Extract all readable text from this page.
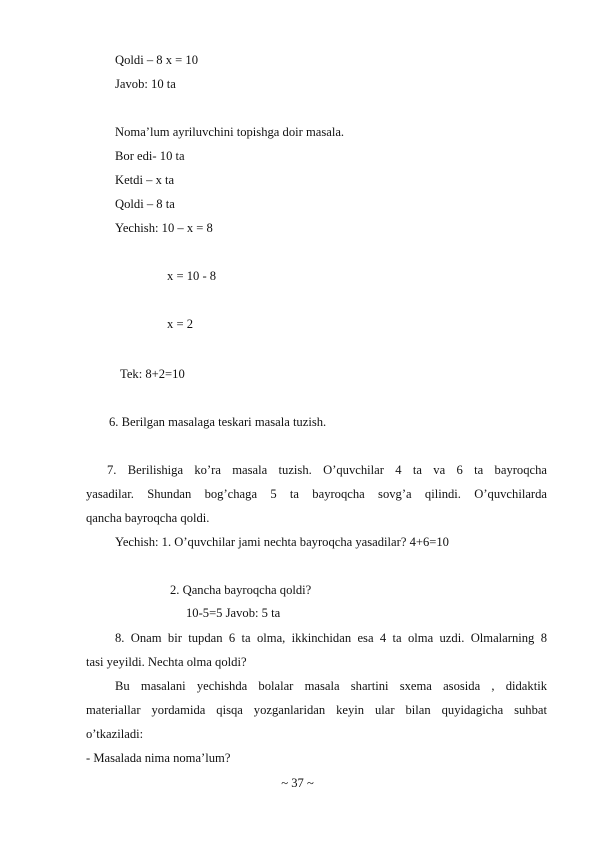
Qoldi – 8 x = 10
Javob: 10 ta
Noma’lum ayriluvchini topishga doir masala.
Bor edi- 10 ta
Ketdi – x ta
Qoldi – 8 ta
Yechish: 10 – x = 8
x = 10 - 8
x = 2
Tek: 8+2=10
6. Berilgan masalaga teskari masala tuzish.
7. Berilishiga ko’ra masala tuzish. O’quvchilar 4 ta va 6 ta bayroqcha
yasadilar. Shundan bog’chaga 5 ta bayroqcha sovg’a qilindi. O’quvchilarda
qancha bayroqcha qoldi.
Yechish: 1. O’quvchilar jami nechta bayroqcha yasadilar? 4+6=10
2. Qancha bayroqcha qoldi?
10-5=5 Javob: 5 ta
8. Onam bir tupdan 6 ta olma, ikkinchidan esa 4 ta olma uzdi. Olmalarning 8
tasi yeyildi. Nechta olma qoldi?
Bu masalani yechishda bolalar masala shartini sxema asosida , didaktik
materiallar yordamida qisqa yozganlaridan keyin ular bilan quyidagicha suhbat
o’tkaziladi:
- Masalada nima noma’lum?
~ 37 ~
